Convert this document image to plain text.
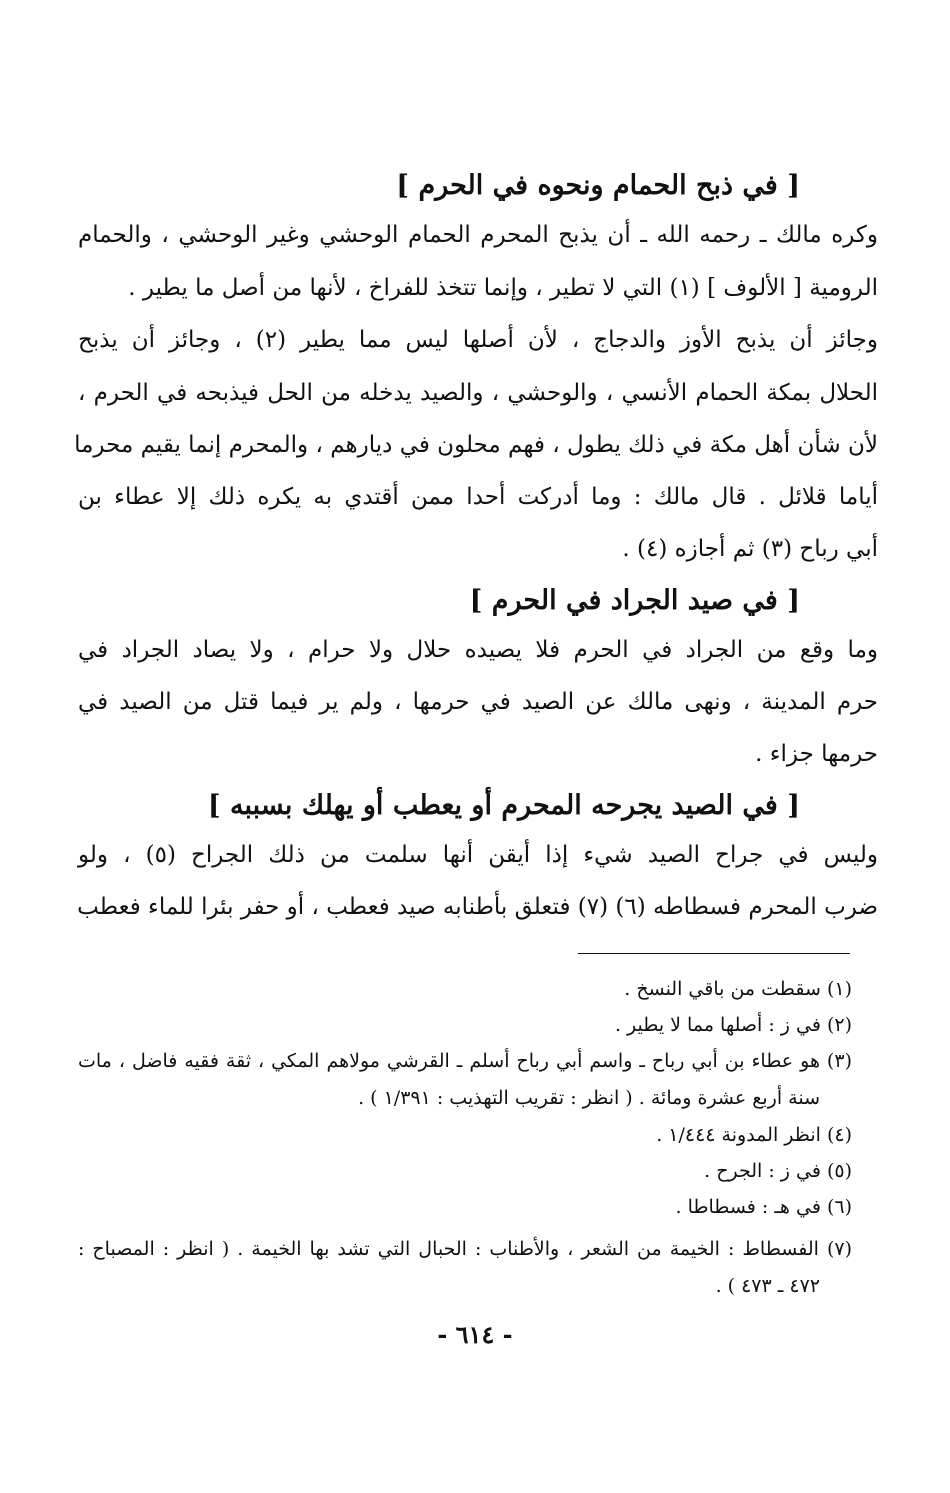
[ في ذبح الحمام ونحوه في الحرم ]
وكره مالك ـ رحمه الله ـ أن يذبح المحرم الحمام الوحشي وغير الوحشي ، والحمام
الرومية [ الألوف ] (١) التي لا تطير ، وإنما تتخذ للفراخ ، لأنها من أصل ما يطير .
وجائز أن يذبح الأوز والدجاج ، لأن أصلها ليس مما يطير (٢) ، وجائز أن يذبح
الحلال بمكة الحمام الأنسي ، والوحشي ، والصيد يدخله من الحل فيذبحه في الحرم ،
لأن شأن أهل مكة في ذلك يطول ، فهم محلون في ديارهم ، والمحرم إنما يقيم محرما
أياما قلائل . قال مالك : وما أدركت أحدا ممن أقتدي به يكره ذلك إلا عطاء بن
أبي رباح (٣) ثم أجازه (٤) .
[ في صيد الجراد في الحرم ]
وما وقع من الجراد في الحرم فلا يصيده حلال ولا حرام ، ولا يصاد الجراد في
حرم المدينة ، ونهى مالك عن الصيد في حرمها ، ولم ير فيما قتل من الصيد في
حرمها جزاء .
[ في الصيد يجرحه المحرم أو يعطب أو يهلك بسببه ]
وليس في جراح الصيد شيء إذا أيقن أنها سلمت من ذلك الجراح (٥) ، ولو
ضرب المحرم فسطاطه (٦) (٧) فتعلق بأطنابه صيد فعطب ، أو حفر بئرا للماء فعطب
(١) سقطت من باقي النسخ .
(٢) في ز : أصلها مما لا يطير .
(٣) هو عطاء بن أبي رباح ـ واسم أبي رباح أسلم ـ القرشي مولاهم المكي ، ثقة فقيه فاضل ، مات
سنة أربع عشرة ومائة . ( انظر : تقريب التهذيب : ١/٣٩١ ) .
(٤) انظر المدونة ١/٤٤٤ .
(٥) في ز : الجرح .
(٦) في هـ : فسطاطا .
(٧) الفسطاط : الخيمة من الشعر ، والأطناب : الحبال التي تشد بها الخيمة . ( انظر : المصباح :
٤٧٢ ـ ٤٧٣ ) .
- ٦١٤ -
